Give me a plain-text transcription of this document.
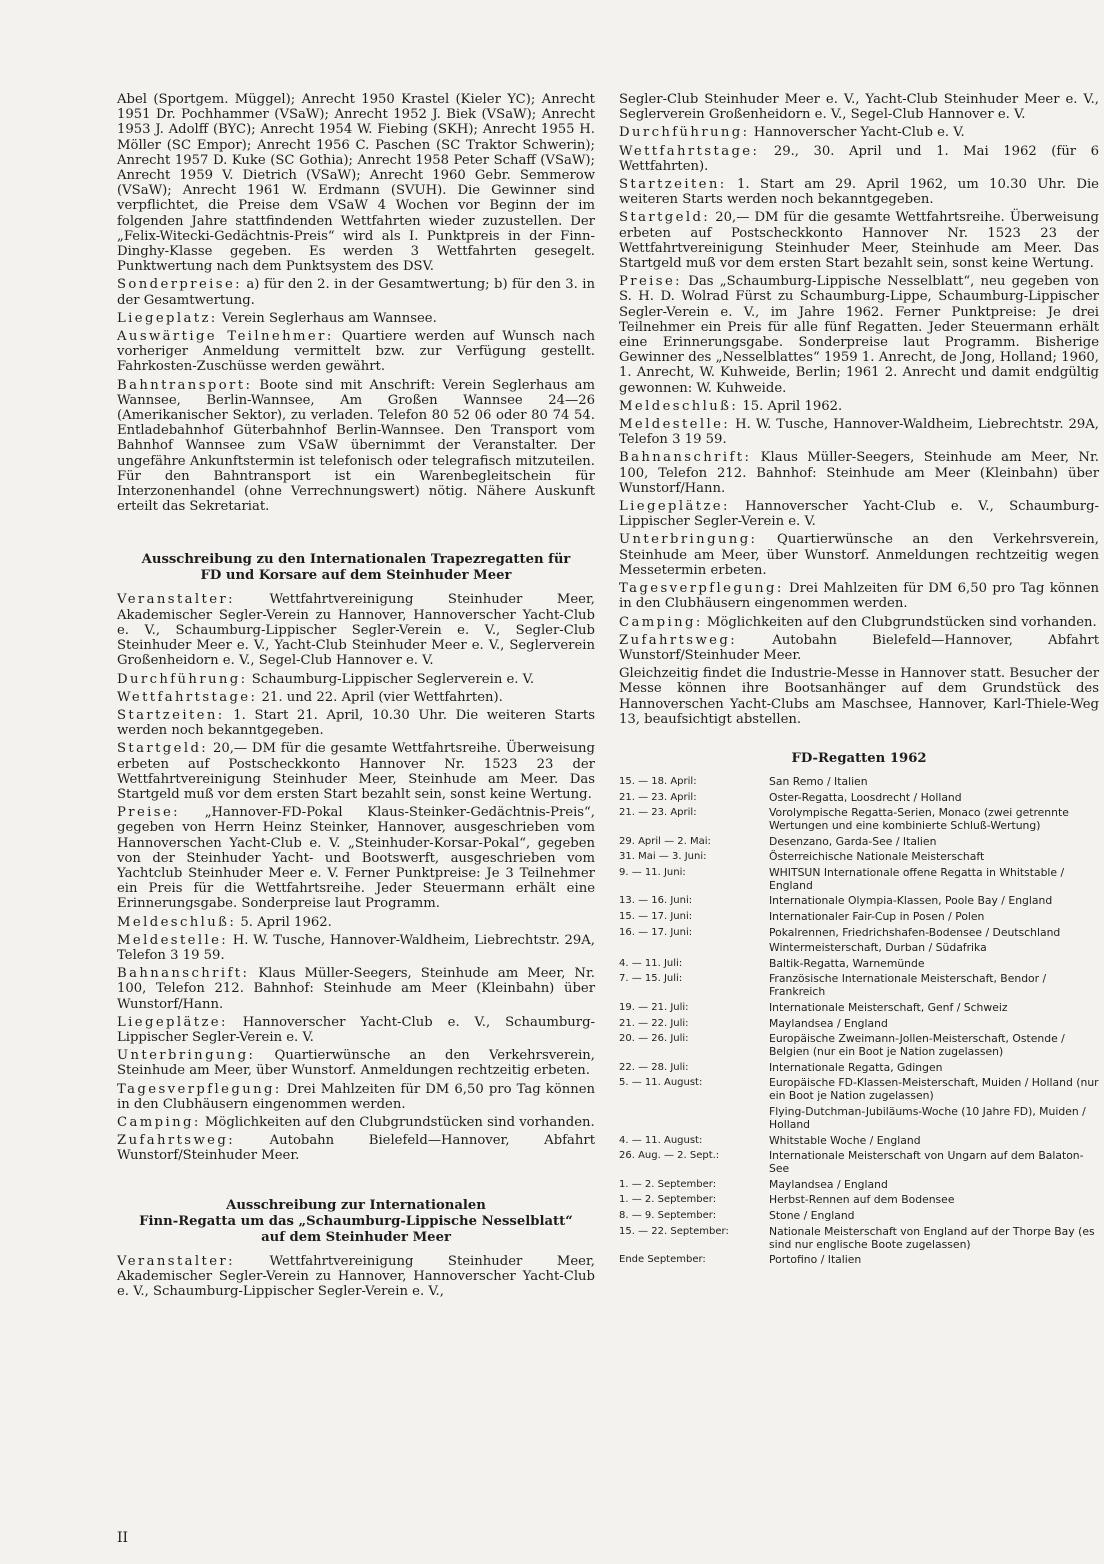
Abel (Sportgem. Müggel); Anrecht 1950 Krastel (Kieler YC); Anrecht 1951 Dr. Pochhammer (VSaW); Anrecht 1952 J. Biek (VSaW); Anrecht 1953 J. Adolff (BYC); Anrecht 1954 W. Fiebing (SKH); Anrecht 1955 H. Möller (SC Empor); Anrecht 1956 C. Paschen (SC Traktor Schwerin); Anrecht 1957 D. Kuke (SC Gothia); Anrecht 1958 Peter Schaff (VSaW); Anrecht 1959 V. Dietrich (VSaW); Anrecht 1960 Gebr. Semmerow (VSaW); Anrecht 1961 W. Erdmann (SVUH). Die Gewinner sind verpflichtet, die Preise dem VSaW 4 Wochen vor Beginn der im folgenden Jahre stattfindenden Wettfahrten wieder zuzustellen. Der „Felix-Witecki-Gedächtnis-Preis“ wird als I. Punktpreis in der Finn-Dinghy-Klasse gegeben. Es werden 3 Wettfahrten gesegelt. Punktwertung nach dem Punktsystem des DSV.

Sonderpreise: a) für den 2. in der Gesamtwertung; b) für den 3. in der Gesamtwertung.

Liegeplatz: Verein Seglerhaus am Wannsee.

Auswärtige Teilnehmer: Quartiere werden auf Wunsch nach vorheriger Anmeldung vermittelt bzw. zur Verfügung gestellt. Fahrkosten-Zuschüsse werden gewährt.

Bahntransport: Boote sind mit Anschrift: Verein Seglerhaus am Wannsee, Berlin-Wannsee, Am Großen Wannsee 24—26 (Amerikanischer Sektor), zu verladen. Telefon 80 52 06 oder 80 74 54. Entladebahnhof Güterbahnhof Berlin-Wannsee. Den Transport vom Bahnhof Wannsee zum VSaW übernimmt der Veranstalter. Der ungefähre Ankunftstermin ist telefonisch oder telegrafisch mitzuteilen. Für den Bahntransport ist ein Warenbegleitschein für Interzonenhandel (ohne Verrechnungswert) nötig. Nähere Auskunft erteilt das Sekretariat.

Ausschreibung zu den Internationalen Trapezregatten für
FD und Korsare auf dem Steinhuder Meer

Veranstalter: Wettfahrtvereinigung Steinhuder Meer, Akademischer Segler-Verein zu Hannover, Hannoverscher Yacht-Club e. V., Schaumburg-Lippischer Segler-Verein e. V., Segler-Club Steinhuder Meer e. V., Yacht-Club Steinhuder Meer e. V., Seglerverein Großenheidorn e. V., Segel-Club Hannover e. V.

Durchführung: Schaumburg-Lippischer Seglerverein e. V.

Wettfahrtstage: 21. und 22. April (vier Wettfahrten).

Startzeiten: 1. Start 21. April, 10.30 Uhr. Die weiteren Starts werden noch bekanntgegeben.

Startgeld: 20,— DM für die gesamte Wettfahrtsreihe. Überweisung erbeten auf Postscheckkonto Hannover Nr. 1523 23 der Wettfahrtvereinigung Steinhuder Meer, Steinhude am Meer. Das Startgeld muß vor dem ersten Start bezahlt sein, sonst keine Wertung.

Preise: „Hannover-FD-Pokal Klaus-Steinker-Gedächtnis-Preis“, gegeben von Herrn Heinz Steinker, Hannover, ausgeschrieben vom Hannoverschen Yacht-Club e. V. „Steinhuder-Korsar-Pokal“, gegeben von der Steinhuder Yacht- und Bootswerft, ausgeschrieben vom Yachtclub Steinhuder Meer e. V. Ferner Punktpreise: Je 3 Teilnehmer ein Preis für die Wettfahrtsreihe. Jeder Steuermann erhält eine Erinnerungsgabe. Sonderpreise laut Programm.

Meldeschluß: 5. April 1962.

Meldestelle: H. W. Tusche, Hannover-Waldheim, Liebrechtstr. 29A, Telefon 3 19 59.

Bahnanschrift: Klaus Müller-Seegers, Steinhude am Meer, Nr. 100, Telefon 212. Bahnhof: Steinhude am Meer (Kleinbahn) über Wunstorf/Hann.

Liegeplätze: Hannoverscher Yacht-Club e. V., Schaumburg-Lippischer Segler-Verein e. V.

Unterbringung: Quartierwünsche an den Verkehrsverein, Steinhude am Meer, über Wunstorf. Anmeldungen rechtzeitig erbeten.

Tagesverpflegung: Drei Mahlzeiten für DM 6,50 pro Tag können in den Clubhäusern eingenommen werden.

Camping: Möglichkeiten auf den Clubgrundstücken sind vorhanden.

Zufahrtsweg: Autobahn Bielefeld—Hannover, Abfahrt Wunstorf/Steinhuder Meer.

Ausschreibung zur Internationalen
Finn-Regatta um das „Schaumburg-Lippische Nesselblatt“
auf dem Steinhuder Meer

Veranstalter: Wettfahrtvereinigung Steinhuder Meer, Akademischer Segler-Verein zu Hannover, Hannoverscher Yacht-Club e. V., Schaumburg-Lippischer Segler-Verein e. V.,

Segler-Club Steinhuder Meer e. V., Yacht-Club Steinhuder Meer e. V., Seglerverein Großenheidorn e. V., Segel-Club Hannover e. V.

Durchführung: Hannoverscher Yacht-Club e. V.

Wettfahrtstage: 29., 30. April und 1. Mai 1962 (für 6 Wettfahrten).

Startzeiten: 1. Start am 29. April 1962, um 10.30 Uhr. Die weiteren Starts werden noch bekanntgegeben.

Startgeld: 20,— DM für die gesamte Wettfahrtsreihe. Überweisung erbeten auf Postscheckkonto Hannover Nr. 1523 23 der Wettfahrtvereinigung Steinhuder Meer, Steinhude am Meer. Das Startgeld muß vor dem ersten Start bezahlt sein, sonst keine Wertung.

Preise: Das „Schaumburg-Lippische Nesselblatt“, neu gegeben von S. H. D. Wolrad Fürst zu Schaumburg-Lippe, Schaumburg-Lippischer Segler-Verein e. V., im Jahre 1962. Ferner Punktpreise: Je drei Teilnehmer ein Preis für alle fünf Regatten. Jeder Steuermann erhält eine Erinnerungsgabe. Sonderpreise laut Programm. Bisherige Gewinner des „Nesselblattes“ 1959 1. Anrecht, de Jong, Holland; 1960, 1. Anrecht, W. Kuhweide, Berlin; 1961 2. Anrecht und damit endgültig gewonnen: W. Kuhweide.

Meldeschluß: 15. April 1962.

Meldestelle: H. W. Tusche, Hannover-Waldheim, Liebrechtstr. 29A, Telefon 3 19 59.

Bahnanschrift: Klaus Müller-Seegers, Steinhude am Meer, Nr. 100, Telefon 212. Bahnhof: Steinhude am Meer (Kleinbahn) über Wunstorf/Hann.

Liegeplätze: Hannoverscher Yacht-Club e. V., Schaumburg-Lippischer Segler-Verein e. V.

Unterbringung: Quartierwünsche an den Verkehrsverein, Steinhude am Meer, über Wunstorf. Anmeldungen rechtzeitig wegen Messetermin erbeten.

Tagesverpflegung: Drei Mahlzeiten für DM 6,50 pro Tag können in den Clubhäusern eingenommen werden.

Camping: Möglichkeiten auf den Clubgrundstücken sind vorhanden.

Zufahrtsweg: Autobahn Bielefeld—Hannover, Abfahrt Wunstorf/Steinhuder Meer.

Gleichzeitig findet die Industrie-Messe in Hannover statt. Besucher der Messe können ihre Bootsanhänger auf dem Grundstück des Hannoverschen Yacht-Clubs am Maschsee, Hannover, Karl-Thiele-Weg 13, beaufsichtigt abstellen.

FD-Regatten 1962
15. — 18. April:	San Remo / Italien
21. — 23. April:	Oster-Regatta, Loosdrecht / Holland
21. — 23. April:	Vorolympische Regatta-Serien, Monaco (zwei getrennte Wertungen und eine kombinierte Schluß-Wertung)
29. April — 2. Mai:	Desenzano, Garda-See / Italien
31. Mai — 3. Juni:	Österreichische Nationale Meisterschaft
9. — 11. Juni:	WHITSUN Internationale offene Regatta in Whitstable / England
13. — 16. Juni:	Internationale Olympia-Klassen, Poole Bay / England
15. — 17. Juni:	Internationaler Fair-Cup in Posen / Polen
16. — 17. Juni:	Pokalrennen, Friedrichshafen-Bodensee / Deutschland
	Wintermeisterschaft, Durban / Südafrika
4. — 11. Juli:	Baltik-Regatta, Warnemünde
7. — 15. Juli:	Französische Internationale Meisterschaft, Bendor / Frankreich
19. — 21. Juli:	Internationale Meisterschaft, Genf / Schweiz
21. — 22. Juli:	Maylandsea / England
20. — 26. Juli:	Europäische Zweimann-Jollen-Meisterschaft, Ostende / Belgien (nur ein Boot je Nation zugelassen)
22. — 28. Juli:	Internationale Regatta, Gdingen
5. — 11. August:	Europäische FD-Klassen-Meisterschaft, Muiden / Holland (nur ein Boot je Nation zugelassen)
	Flying-Dutchman-Jubiläums-Woche (10 Jahre FD), Muiden / Holland
4. — 11. August:	Whitstable Woche / England
26. Aug. — 2. Sept.:	Internationale Meisterschaft von Ungarn auf dem Balaton-See
1. — 2. September:	Maylandsea / England
1. — 2. September:	Herbst-Rennen auf dem Bodensee
8. — 9. September:	Stone / England
15. — 22. September:	Nationale Meisterschaft von England auf der Thorpe Bay (es sind nur englische Boote zugelassen)
Ende September:	Portofino / Italien
II
